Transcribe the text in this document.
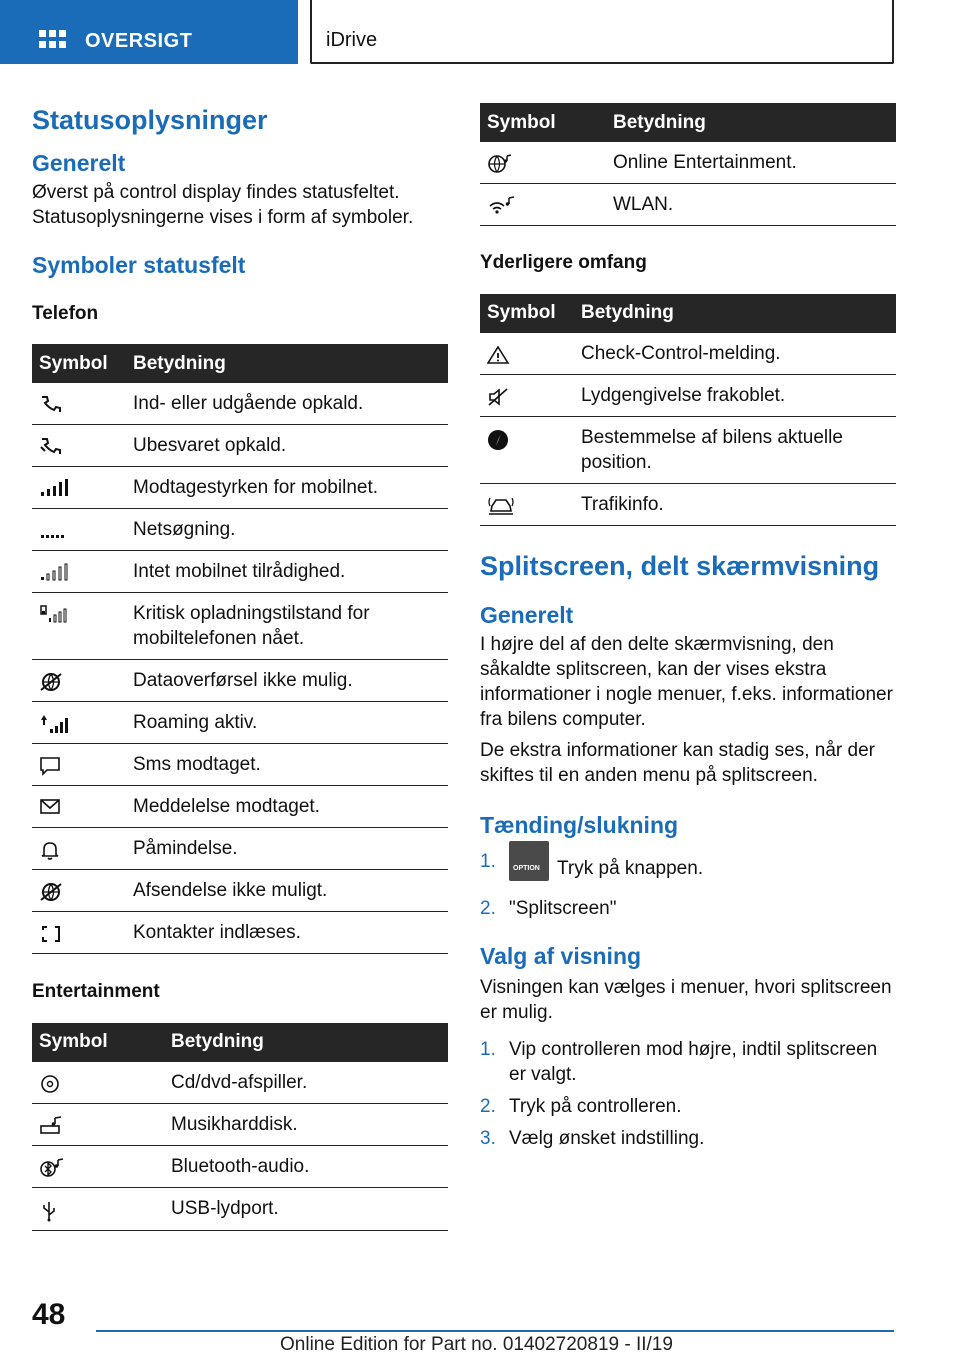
OVERSIGT	iDrive
Statusoplysninger
Generelt

Øverst på control display findes statusfeltet. Statusoplysningerne vises i form af symboler.

Symboler statusfelt
Telefon
Symbol	Betydning

	Ind- eller udgående opkald.

	Ubesvaret opkald.

	Modtagestyrken for mobilnet.

	Netsøgning.

	Intet mobilnet tilrådighed.

	Kritisk opladningstilstand for mobiltelefonen nået.

	Dataoverførsel ikke mulig.

	Roaming aktiv.

	Sms modtaget.

	Meddelelse modtaget.

	Påmindelse.

	Afsendelse ikke muligt.

	Kontakter indlæses.
Entertainment
Symbol	Betydning

	Cd/dvd-afspiller.

	Musikharddisk.

	Bluetooth-audio.

	USB-lydport.
Symbol	Betydning

	Online Entertainment.

	WLAN.
Yderligere omfang
Symbol	Betydning

	Check-Control-melding.

	Lydgengivelse frakoblet.

	Bestemmelse af bilens aktuelle position.

	Trafikinfo.
Splitscreen, delt skærmvisning
Generelt

I højre del af den delte skærmvisning, den såkaldte splitscreen, kan der vises ekstra informationer i nogle menuer, f.eks. informationer fra bilens computer.

De ekstra informationer kan stadig ses, når der skiftes til en anden menu på splitscreen.

Tænding/slukning
1. OPTION Tryk på knappen.
2. "Splitscreen"
Valg af visning

Visningen kan vælges i menuer, hvori splitscreen er mulig.

1. Vip controlleren mod højre, indtil splitscreen er valgt.
2. Tryk på controlleren.
3. Vælg ønsket indstilling.
48
Online Edition for Part no. 01402720819 - II/19
